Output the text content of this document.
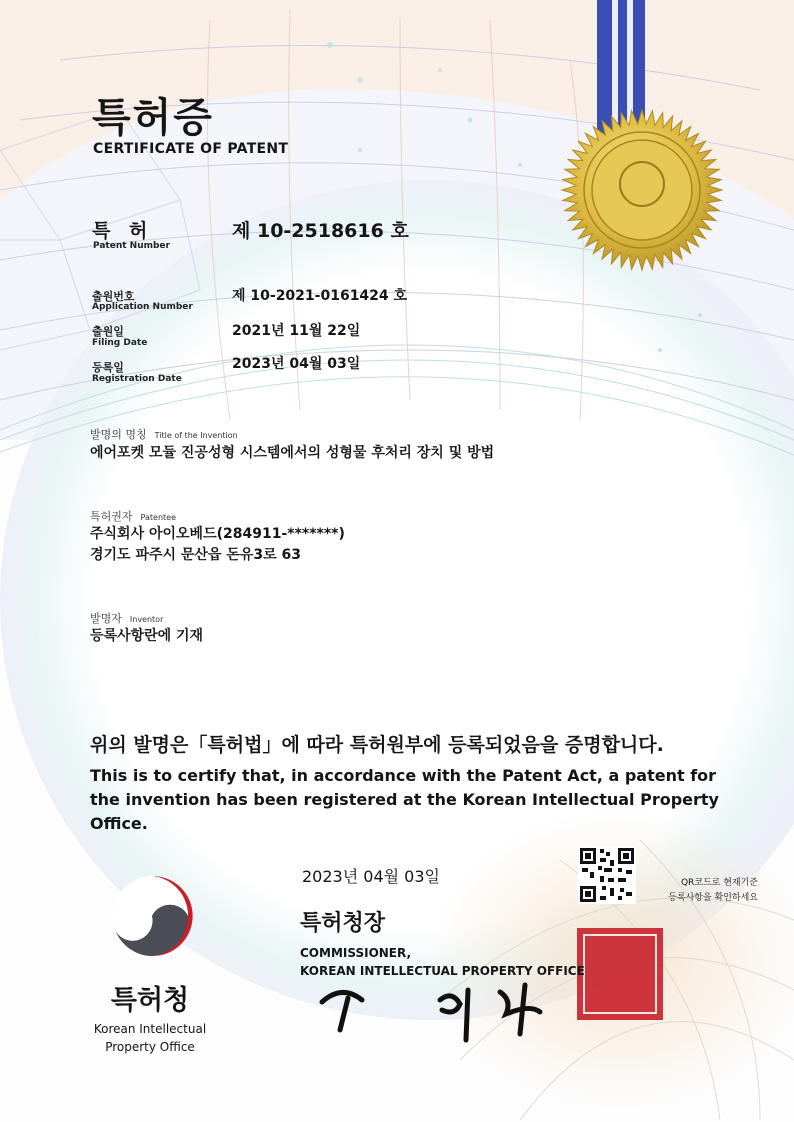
특허증
CERTIFICATE OF PATENT
특 허
Patent Number
제 10-2518616 호
출원번호
Application Number
제 10-2021-0161424 호
출원일
Filing Date
2021년 11월 22일
등록일
Registration Date
2023년 04월 03일
발명의 명칭 Title of the Invention
에어포켓 모듈 진공성형 시스템에서의 성형물 후처리 장치 및 방법
특허권자 Patentee
주식회사 아이오베드(284911-*******)
경기도 파주시 문산읍 돈유3로 63
발명자 Inventor
등록사항란에 기재
위의 발명은「특허법」에 따라 특허원부에 등록되었음을 증명합니다.
This is to certify that, in accordance with the Patent Act, a patent for the invention has been registered at the Korean Intellectual Property Office.
2023년 04월 03일
특허청장
COMMISSIONER,
KOREAN INTELLECTUAL PROPERTY OFFICE
QR코드로 현재기준
등록사항을 확인하세요
특허청
Korean Intellectual
Property Office
